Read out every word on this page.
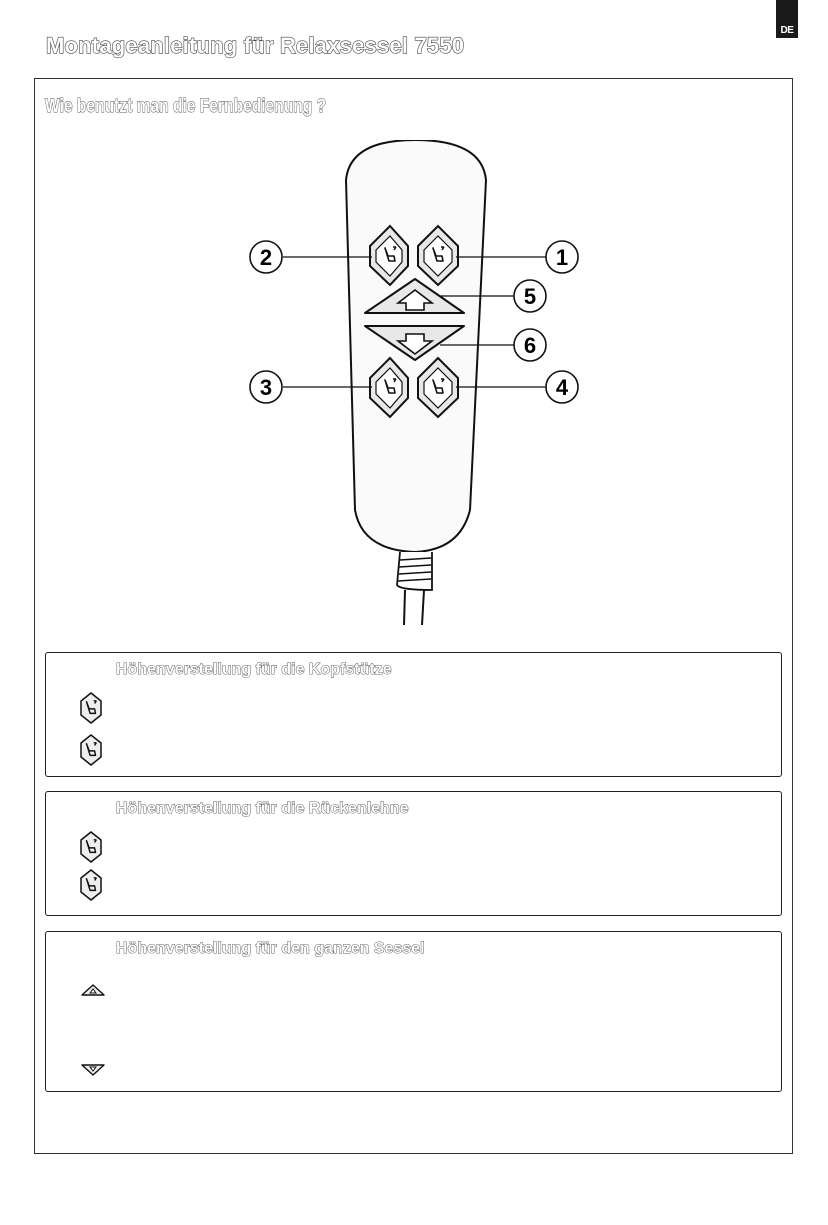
DE
Montageanleitung für Relaxsessel 7550
Wie benutzt man die Fernbedienung ?
2	1
5
6
3	4
Höhenverstellung für die Kopfstütze
Höhenverstellung für die Rückenlehne
Höhenverstellung für den ganzen Sessel
